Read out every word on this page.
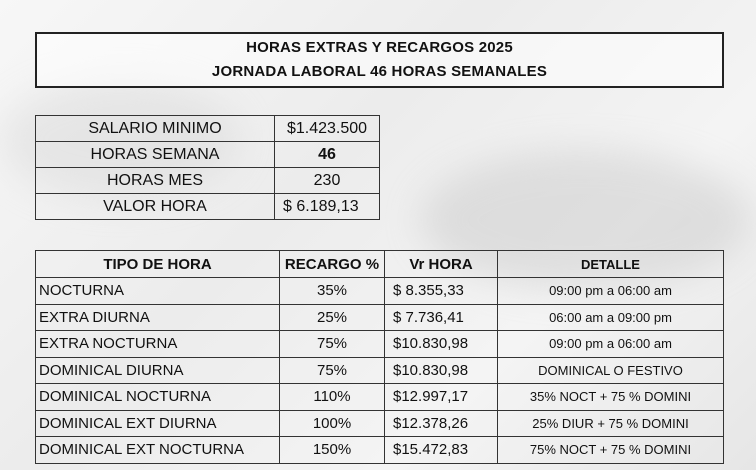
HORAS EXTRAS Y RECARGOS 2025
JORNADA LABORAL 46 HORAS SEMANALES
SALARIO MINIMO	$1.423.500
HORAS SEMANA	46
HORAS MES	230
VALOR HORA	$ 6.189,13
TIPO DE HORA	RECARGO %	Vr HORA	DETALLE
NOCTURNA	35%	$ 8.355,33	09:00 pm a 06:00 am
EXTRA DIURNA	25%	$ 7.736,41	06:00 am a 09:00 pm
EXTRA NOCTURNA	75%	$10.830,98	09:00 pm a 06:00 am
DOMINICAL DIURNA	75%	$10.830,98	DOMINICAL O FESTIVO
DOMINICAL NOCTURNA	110%	$12.997,17	35% NOCT + 75 % DOMINI
DOMINICAL EXT DIURNA	100%	$12.378,26	25% DIUR + 75 % DOMINI
DOMINICAL EXT NOCTURNA	150%	$15.472,83	75% NOCT + 75 % DOMINI
